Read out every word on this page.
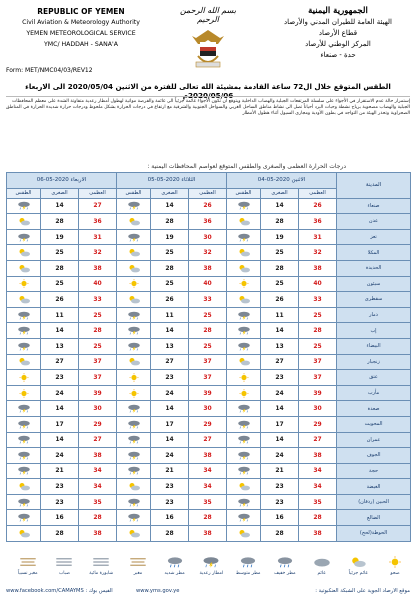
REPUBLIC OF YEMEN
Civil Aviation & Meteorology Authority
YEMEN METEOROLOGICAL SERVICE
YMC/ HADDAH - SANA'A
Form: MET/NMC04/03/REV12
بسم الله الرحمن الرحيم
الجمهورية اليمنية
الهيئة العامة للطيران المدني والأرصاد
قطاع الأرصاد
المركز الوطني للأرصاد
حدة - صنعاء
الطقس المتوقع خلال ال72 ساعة القادمة بمشيئة الله تعالى للفترة من الاثنين 2020/05/04 الى الاربعاء 2020/05/06م
إستمرار حالة عدم الاستقرار في الأجواء على سلسلة المرتفعات الجبلية والهضاب الداخلية ويتوقع ان تكون الأجواء غائمة جزئياً الى غائمة والفرصة مواتية لهطول أمطار رعدية متفاوتة الشدة على معظم المحافظات الجبلية والهضاب مصحوبة برياح نشطة وحبات البرد أحياناً تصل الى نشاط مناطق الساحل الغربي والسواحل الجنوبية والشرقية مع ارتفاع في درجات الحرارة بشكل ملحوظ ودرجات حرارة شديدة الحرارة في المناطق الصحراوية وتحذر الهيئة من التواجد في بطون الأودية ومجاري السيول أثناء هطول الأمطار
درجات الحرارة العظمى والصغرى والطقس المتوقع لعواصم المحافظات اليمنية :
الاربعاء 2020-05-06			الثلاثاء 2020-05-05			الاثنين 2020-05-04			المدينة
الطقس	الصغرى	العظمى	الطقس	الصغرى	العظمى	الطقس	الصغرى	العظمى	
	14	27		14	26		14	26	صنعاء
	28	36		28	36		28	36	عدن
	19	31		19	30		19	31	تعز
	25	32		25	32		25	32	المكلا
	28	38		28	38		28	38	الحديدة
	25	40		25	40		25	40	سيئون
	26	33		26	33		26	33	سقطرى
	11	25		11	25		11	25	ذمار
	14	28		14	28		14	28	إب
	13	25		13	25		13	25	البيضاء
	27	37		27	37		27	37	زنجبار
	23	37		23	37		23	37	عتق
	24	39		24	39		24	39	مأرب
	14	30		14	30		14	30	صعدة
	17	29		17	29		17	29	المحويت
	14	27		14	27		14	27	عمران
	24	38		24	38		24	38	الجوف
	21	34		21	34		21	34	حجة
	23	34		23	34		23	34	الغيضة
	23	35		23	35		23	35	الحبين (ردفان)
	16	28		16	28		16	28	الضالع
	28	38		28	38		28	38	الحوطة(لحج)
صحو
غائم جزئياً
غائم
مطر خفيف
مطر متوسط
امطار رعدية
مطر شديد
مغبر
شابورة مائية
ضباب
مغبر نسبياً
www.facebook.com/CAMAYMS : الفيس بوك	www.yms.gov.ye	موقع الارصاد الجوية على الشبكة العنكبوتية :
